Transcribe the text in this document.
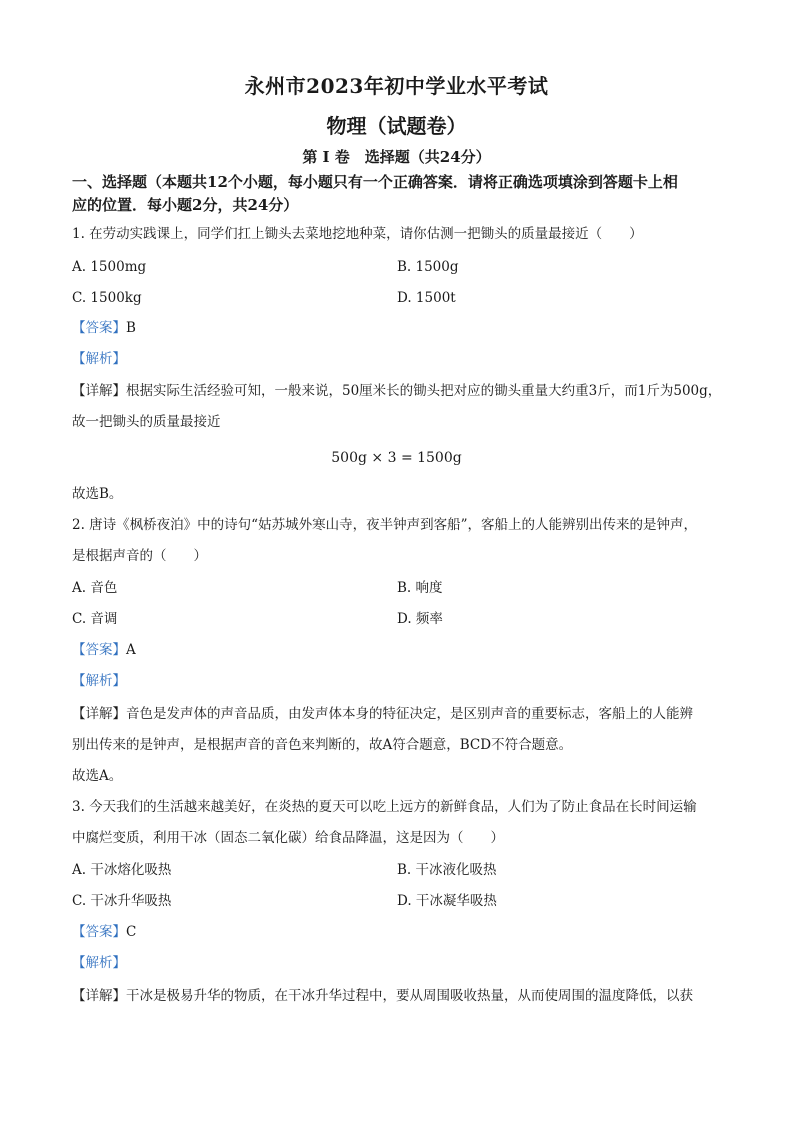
永州市2023年初中学业水平考试
物理（试题卷）
第 I 卷　选择题（共24分）
一、选择题（本题共12个小题，每小题只有一个正确答案．请将正确选项填涂到答题卡上相
应的位置．每小题2分，共24分）
1. 在劳动实践课上，同学们扛上锄头去菜地挖地种菜，请你估测一把锄头的质量最接近（　　）
A. 1500mg	B. 1500g
C. 1500kg	D. 1500t
【答案】B
【解析】
【详解】根据实际生活经验可知，一般来说，50厘米长的锄头把对应的锄头重量大约重3斤，而1斤为500g，
故一把锄头的质量最接近
500g × 3 = 1500g
故选B。
2. 唐诗《枫桥夜泊》中的诗句“姑苏城外寒山寺，夜半钟声到客船”，客船上的人能辨别出传来的是钟声，
是根据声音的（　　）
A. 音色	B. 响度
C. 音调	D. 频率
【答案】A
【解析】
【详解】音色是发声体的声音品质，由发声体本身的特征决定，是区别声音的重要标志，客船上的人能辨
别出传来的是钟声，是根据声音的音色来判断的，故A符合题意，BCD不符合题意。
故选A。
3. 今天我们的生活越来越美好，在炎热的夏天可以吃上远方的新鲜食品，人们为了防止食品在长时间运输
中腐烂变质，利用干冰（固态二氧化碳）给食品降温，这是因为（　　）
A. 干冰熔化吸热	B. 干冰液化吸热
C. 干冰升华吸热	D. 干冰凝华吸热
【答案】C
【解析】
【详解】干冰是极易升华的物质，在干冰升华过程中，要从周围吸收热量，从而使周围的温度降低，以获
